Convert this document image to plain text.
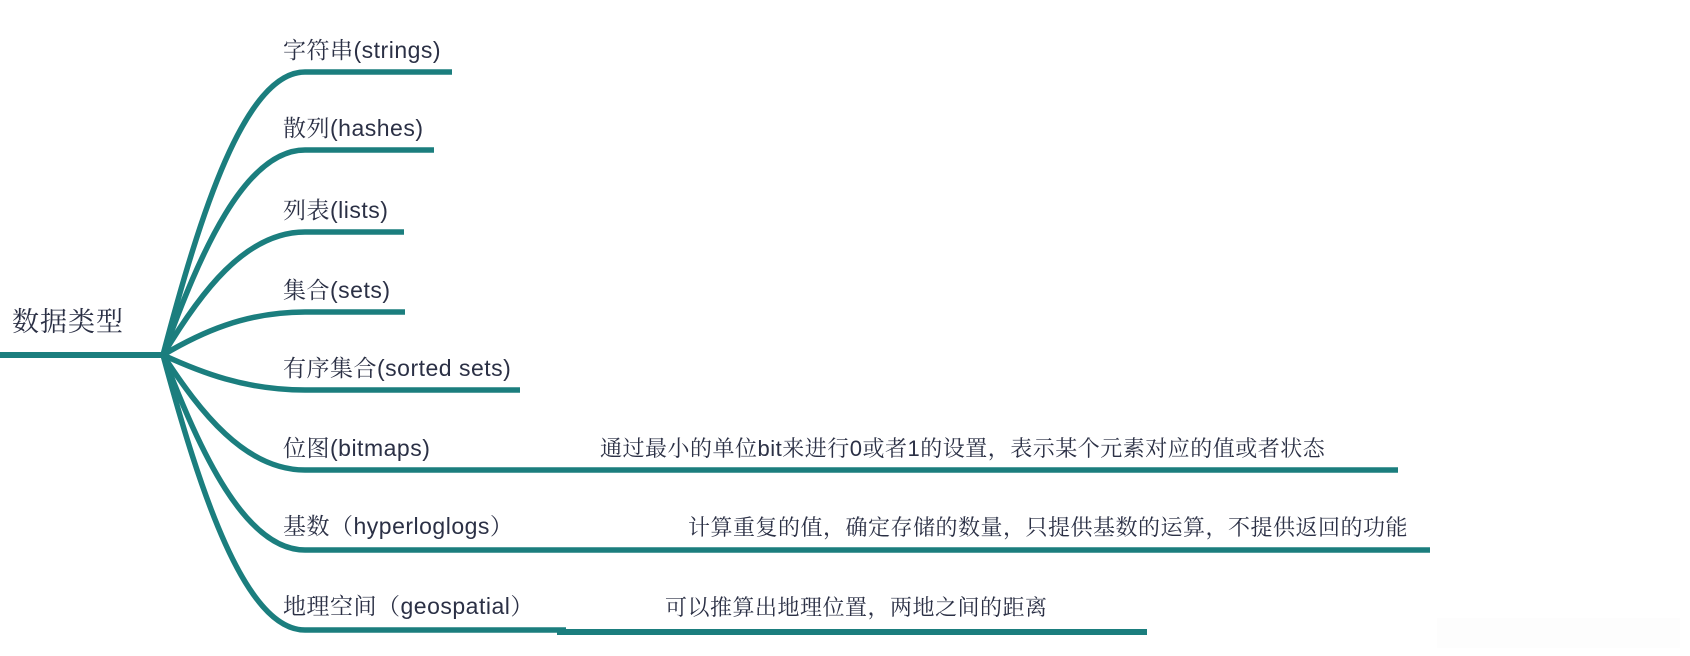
数据类型
字符串(strings)
散列(hashes)
列表(lists)
集合(sets)
有序集合(sorted sets)
位图(bitmaps)	通过最小的单位bit来进行0或者1的设置，表示某个元素对应的值或者状态
基数（hyperloglogs）	计算重复的值，确定存储的数量，只提供基数的运算，不提供返回的功能
地理空间（geospatial）	可以推算出地理位置，两地之间的距离
